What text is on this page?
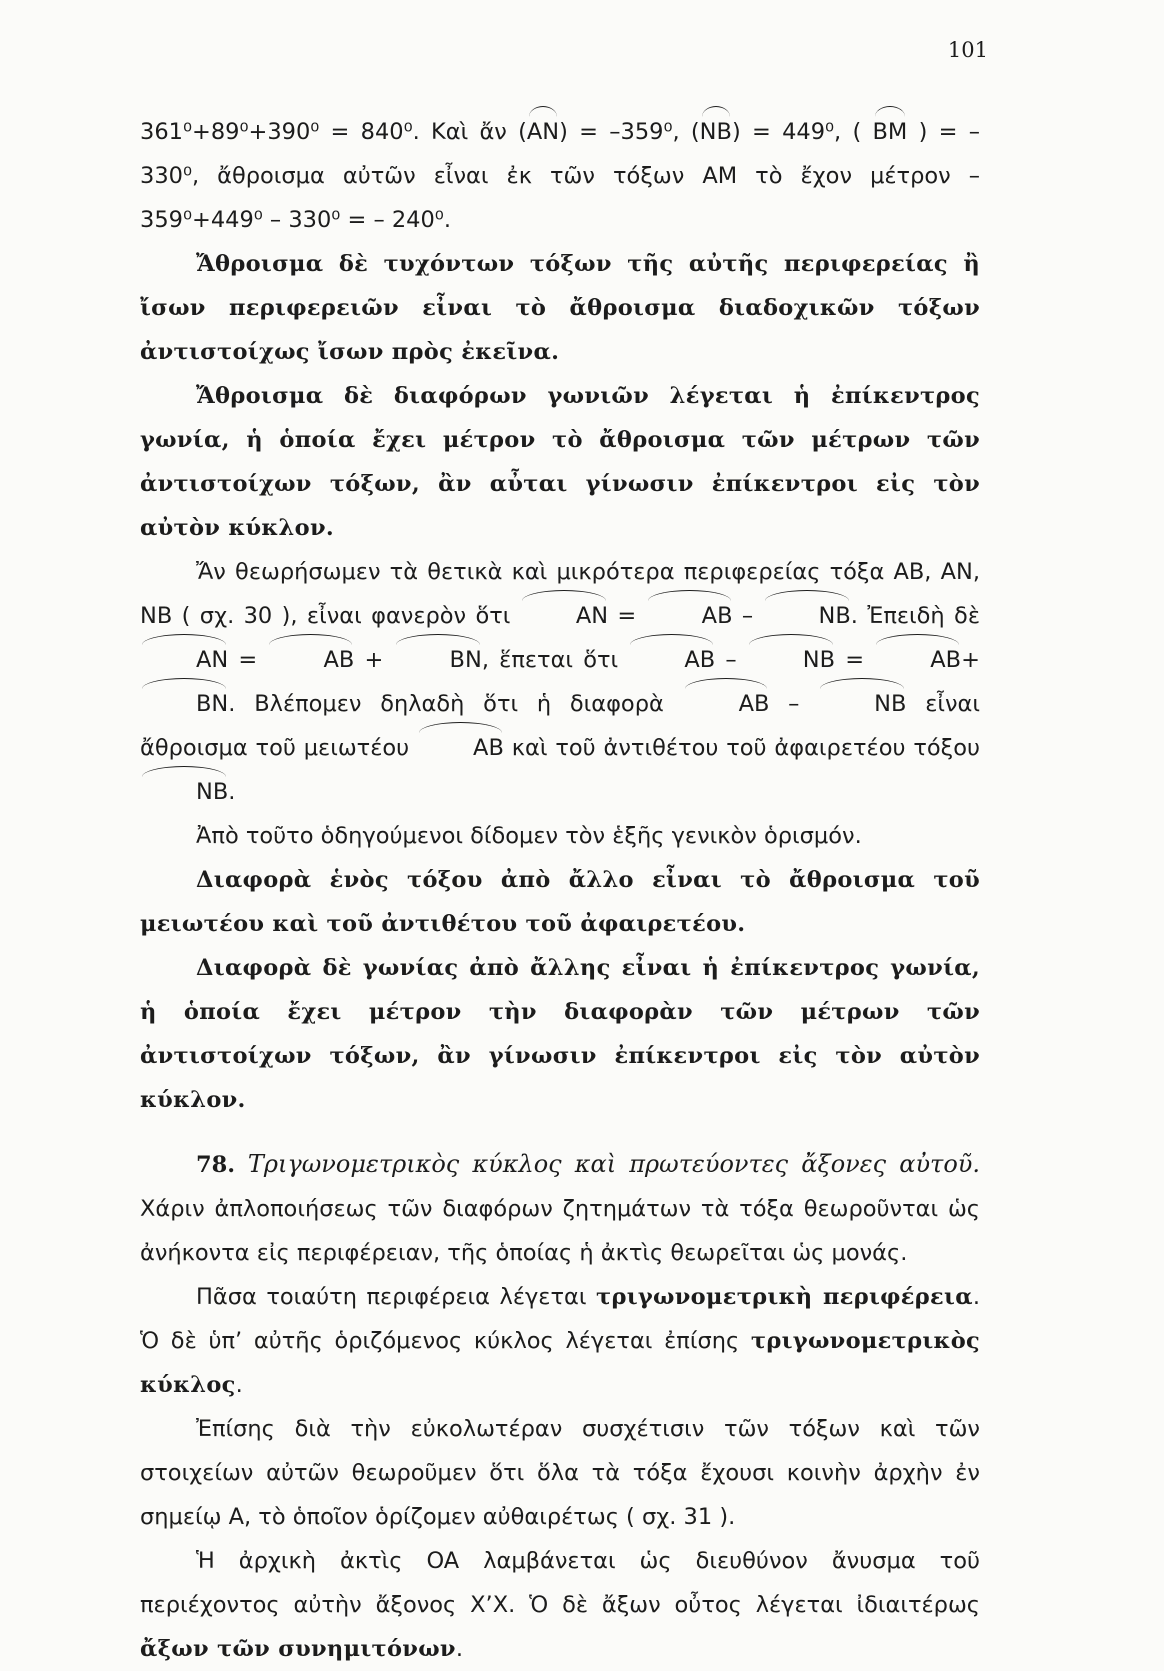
101

361⁰+89⁰+390⁰ = 840⁰. Καὶ ἄν (AN) = –359⁰, (NB) = 449⁰, ( BM ) = – 330⁰, ἄθροισμα αὐτῶν εἶναι ἐκ τῶν τόξων AM τὸ ἔχον μέτρον – 359⁰+449⁰ – 330⁰ = – 240⁰.

Ἄθροισμα δὲ τυχόντων τόξων τῆς αὐτῆς περιφερείας ἢ ἴσων περιφερειῶν εἶναι τὸ ἄθροισμα διαδοχικῶν τόξων ἀντιστοίχως ἴσων πρὸς ἐκεῖνα.

Ἄθροισμα δὲ διαφόρων γωνιῶν λέγεται ἡ ἐπίκεντρος γωνία, ἡ ὁποία ἔχει μέτρον τὸ ἄθροισμα τῶν μέτρων τῶν ἀντιστοίχων τόξων, ἂν αὖται γίνωσιν ἐπίκεντροι εἰς τὸν αὐτὸν κύκλον.

Ἄν θεωρήσωμεν τὰ θετικὰ καὶ μικρότερα περιφερείας τόξα AB, AN, NB ( σχ. 30 ), εἶναι φανερὸν ὅτι AN = AB – NB. Ἐπειδὴ δὲ AN = AB + BN, ἕπεται ὅτι AB – NB = AB+BN. Βλέπομεν δηλαδὴ ὅτι ἡ διαφορὰ AB – NB εἶναι ἄθροισμα τοῦ μειωτέου AB καὶ τοῦ ἀντιθέτου τοῦ ἀφαιρετέου τόξου NB.

Ἀπὸ τοῦτο ὁδηγούμενοι δίδομεν τὸν ἑξῆς γενικὸν ὁρισμόν.

Διαφορὰ ἑνὸς τόξου ἀπὸ ἄλλο εἶναι τὸ ἄθροισμα τοῦ μειωτέου καὶ τοῦ ἀντιθέτου τοῦ ἀφαιρετέου.

Διαφορὰ δὲ γωνίας ἀπὸ ἄλλης εἶναι ἡ ἐπίκεντρος γωνία, ἡ ὁποία ἔχει μέτρον τὴν διαφορὰν τῶν μέτρων τῶν ἀντιστοίχων τόξων, ἂν γίνωσιν ἐπίκεντροι εἰς τὸν αὐτὸν κύκλον.

78. Τριγωνομετρικὸς κύκλος καὶ πρωτεύοντες ἄξονες αὐτοῦ. Χάριν ἀπλοποιήσεως τῶν διαφόρων ζητημάτων τὰ τόξα θεωροῦνται ὡς ἀνήκοντα εἰς περιφέρειαν, τῆς ὁποίας ἡ ἀκτὶς θεωρεῖται ὡς μονάς.

Πᾶσα τοιαύτη περιφέρεια λέγεται τριγωνομετρικὴ περιφέρεια. Ὁ δὲ ὑπ’ αὐτῆς ὁριζόμενος κύκλος λέγεται ἐπίσης τριγωνομετρικὸς κύκλος.

Ἐπίσης διὰ τὴν εὐκολωτέραν συσχέτισιν τῶν τόξων καὶ τῶν στοιχείων αὐτῶν θεωροῦμεν ὅτι ὅλα τὰ τόξα ἔχουσι κοινὴν ἀρχὴν ἐν σημείῳ A, τὸ ὁποῖον ὁρίζομεν αὐθαιρέτως ( σχ. 31 ).

Ἡ ἀρχικὴ ἀκτὶς OA λαμβάνεται ὡς διευθύνον ἄνυσμα τοῦ περιέχοντος αὐτὴν ἄξονος X’X. Ὁ δὲ ἄξων οὖτος λέγεται ἰδιαιτέρως ἄξων τῶν συνημιτόνων.
